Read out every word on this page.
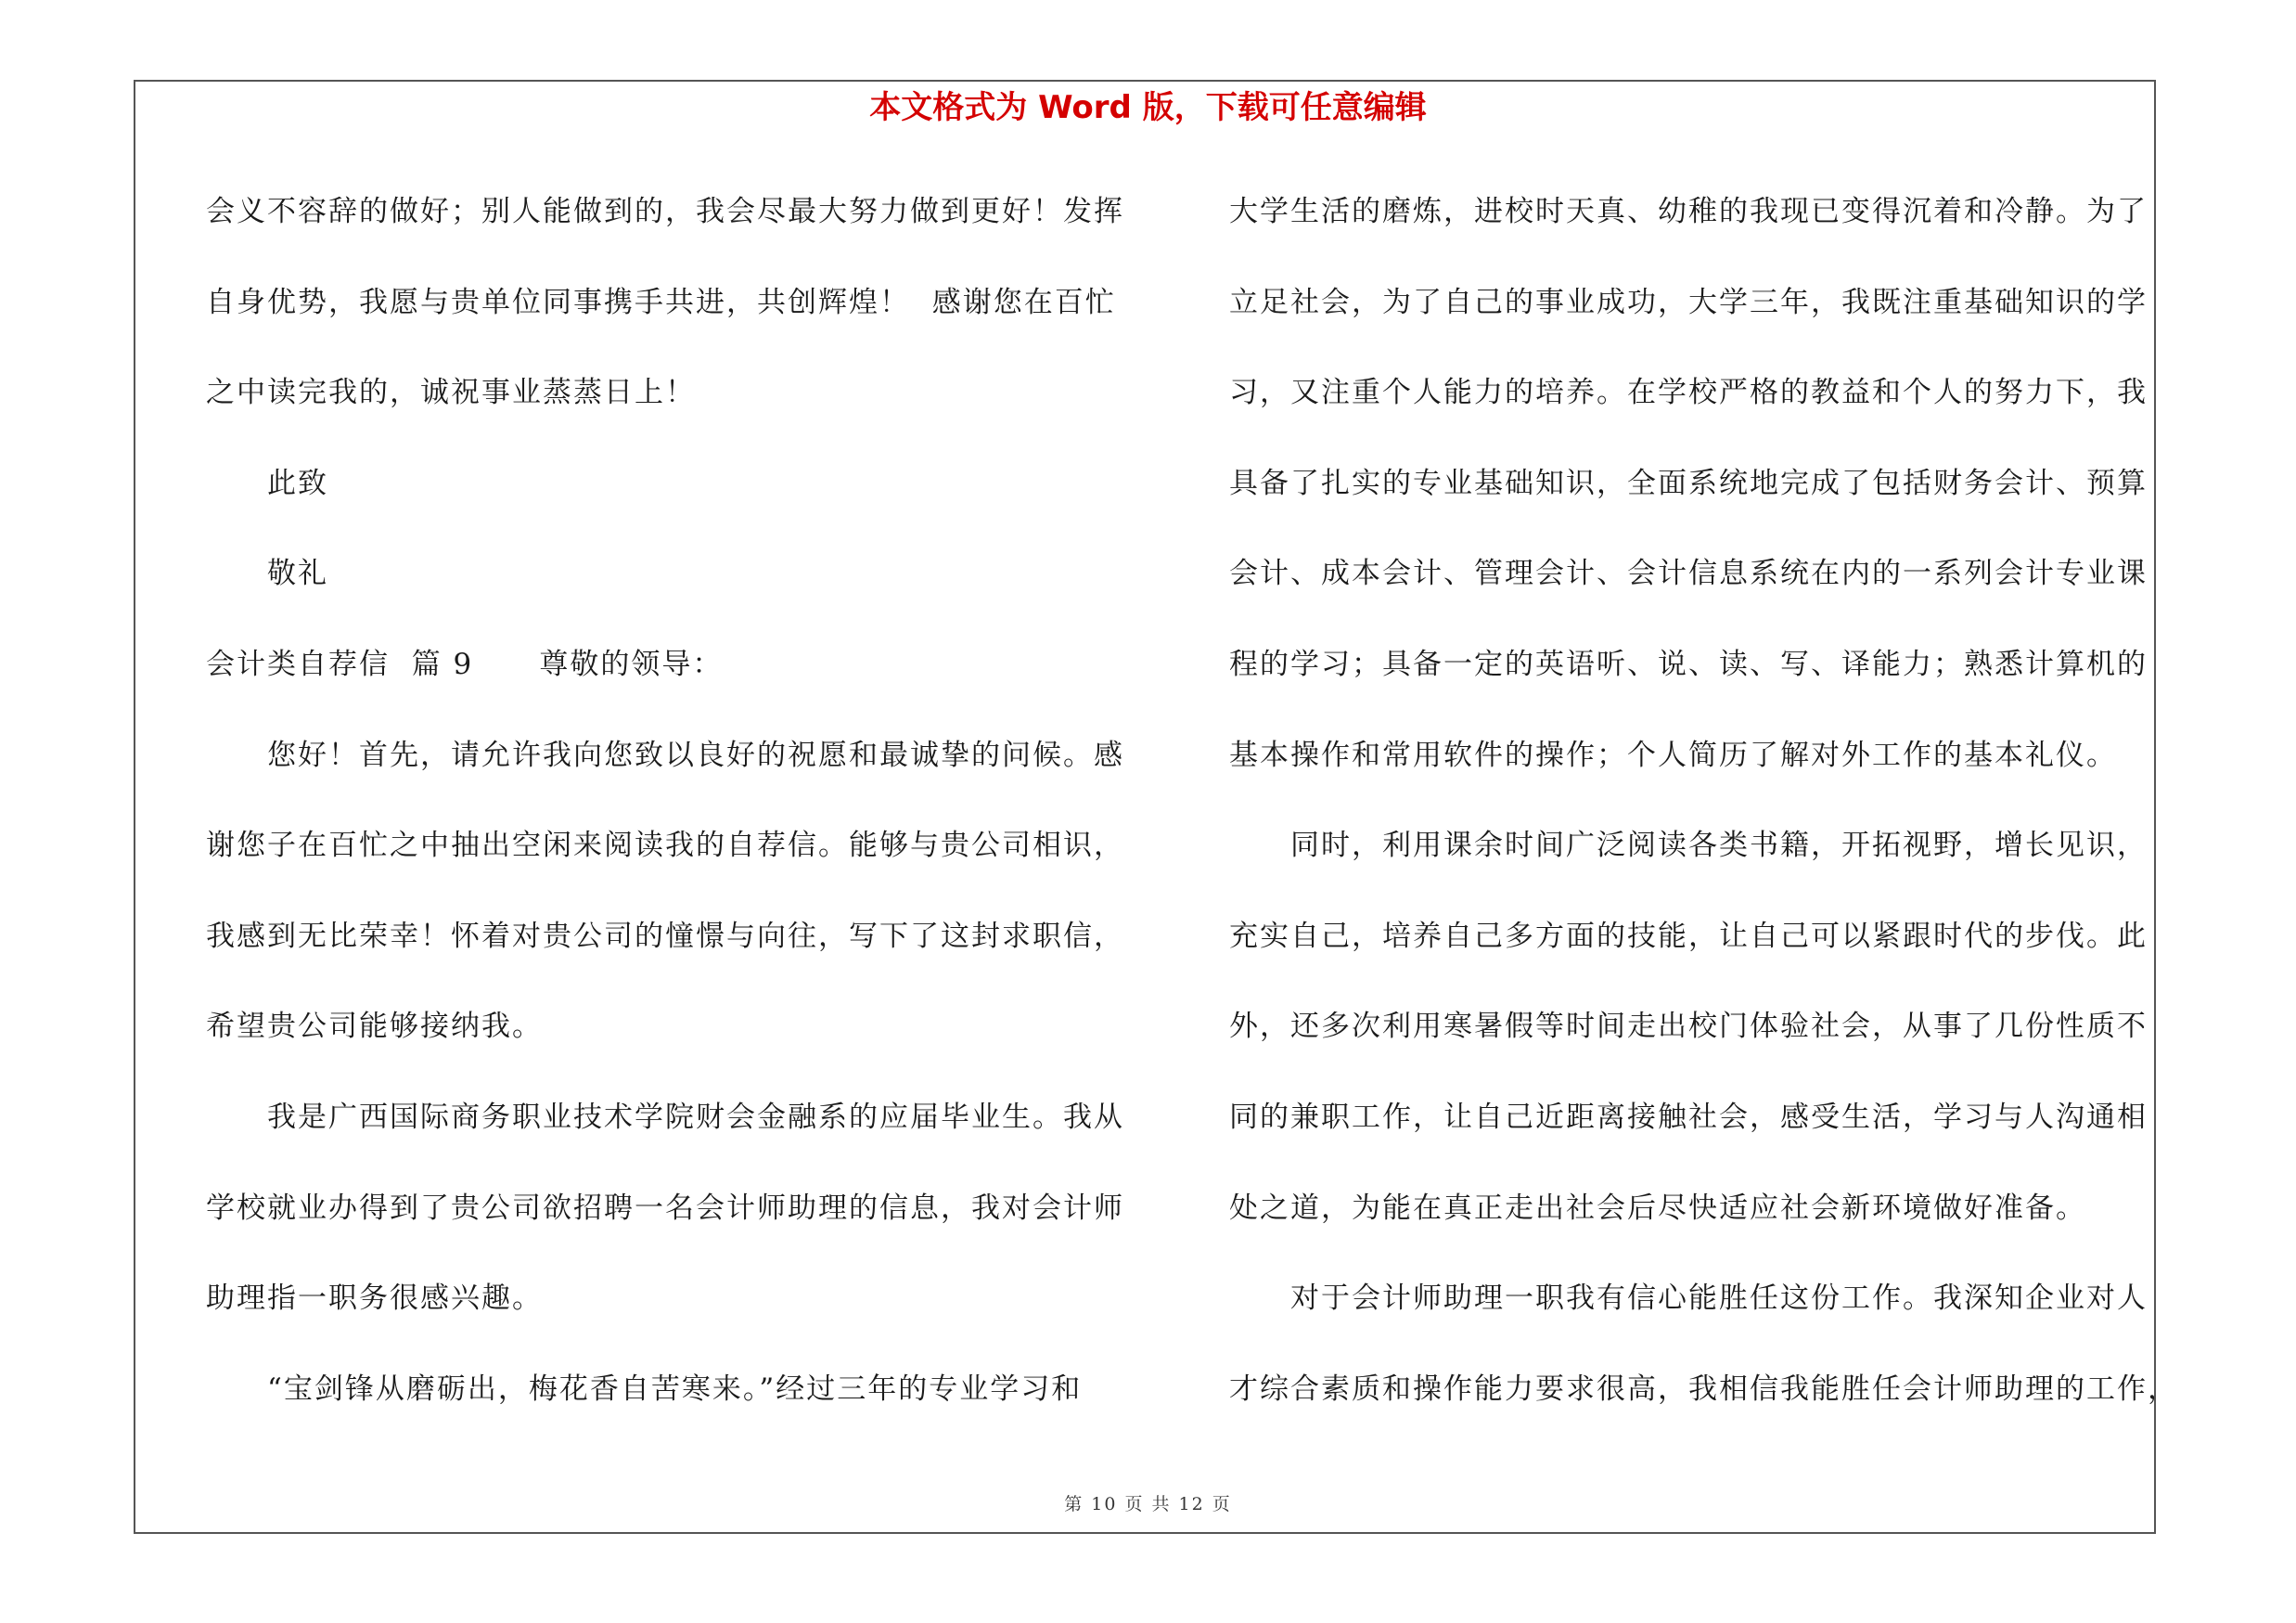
本文格式为 Word 版，下载可任意编辑

会义不容辞的做好；别人能做到的，我会尽最大努力做到更好！发挥

自身优势，我愿与贵单位同事携手共进，共创辉煌！  感谢您在百忙

之中读完我的，诚祝事业蒸蒸日上！

此致

敬礼

会计类自荐信  篇 9      尊敬的领导：

您好！首先，请允许我向您致以良好的祝愿和最诚挚的问候。感

谢您子在百忙之中抽出空闲来阅读我的自荐信。能够与贵公司相识，

我感到无比荣幸！怀着对贵公司的憧憬与向往，写下了这封求职信，

希望贵公司能够接纳我。

我是广西国际商务职业技术学院财会金融系的应届毕业生。我从

学校就业办得到了贵公司欲招聘一名会计师助理的信息，我对会计师

助理指一职务很感兴趣。

“宝剑锋从磨砺出，梅花香自苦寒来。”经过三年的专业学习和

大学生活的磨炼，进校时天真、幼稚的我现已变得沉着和冷静。为了

立足社会，为了自己的事业成功，大学三年，我既注重基础知识的学

习，又注重个人能力的培养。在学校严格的教益和个人的努力下，我

具备了扎实的专业基础知识，全面系统地完成了包括财务会计、预算

会计、成本会计、管理会计、会计信息系统在内的一系列会计专业课

程的学习；具备一定的英语听、说、读、写、译能力；熟悉计算机的

基本操作和常用软件的操作；个人简历了解对外工作的基本礼仪。

同时，利用课余时间广泛阅读各类书籍，开拓视野，增长见识，

充实自己，培养自己多方面的技能，让自己可以紧跟时代的步伐。此

外，还多次利用寒暑假等时间走出校门体验社会，从事了几份性质不

同的兼职工作，让自己近距离接触社会，感受生活，学习与人沟通相

处之道，为能在真正走出社会后尽快适应社会新环境做好准备。

对于会计师助理一职我有信心能胜任这份工作。我深知企业对人

才综合素质和操作能力要求很高，我相信我能胜任会计师助理的工作，

第 10 页 共 12 页
